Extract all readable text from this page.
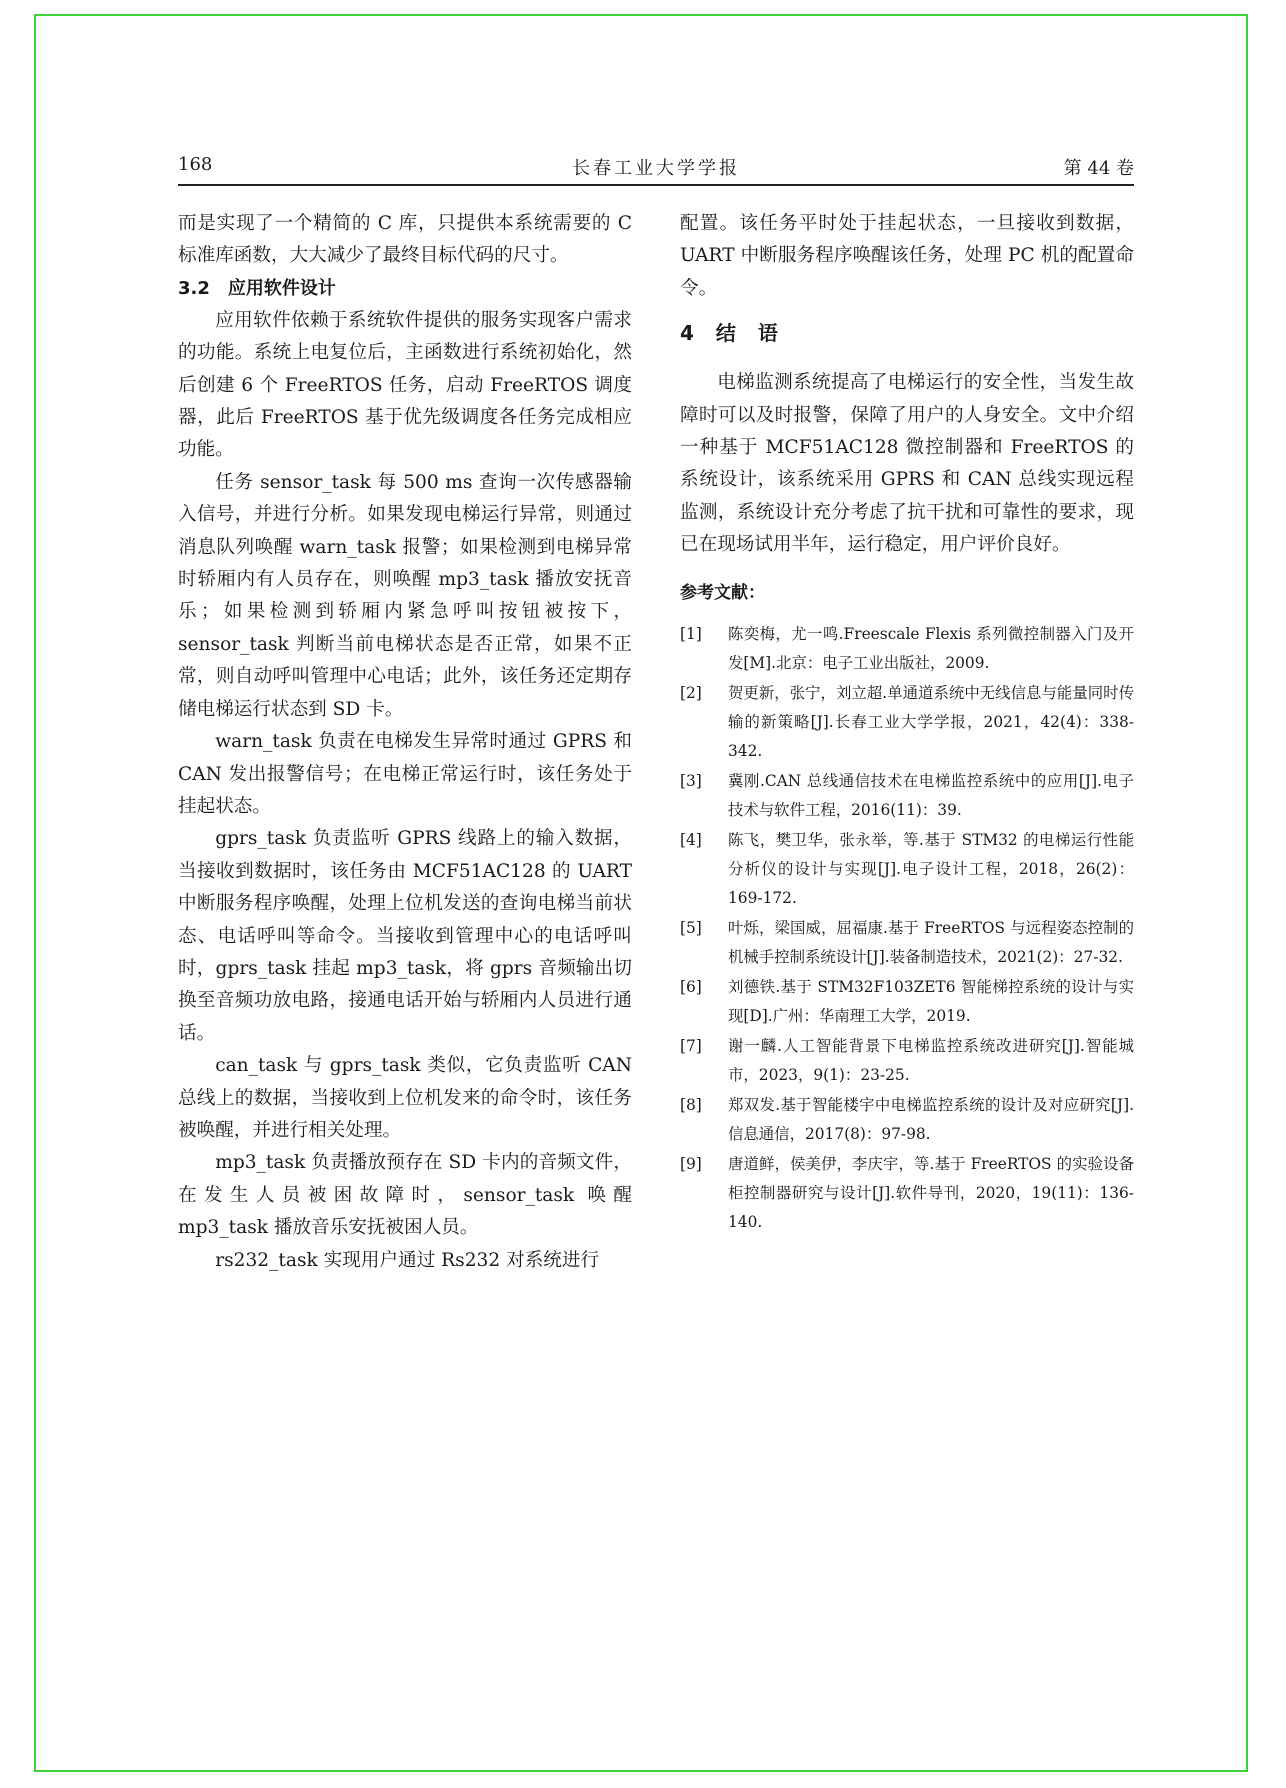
168	长春工业大学学报	第 44 卷

而是实现了一个精简的 C 库，只提供本系统需要的 C 标准库函数，大大减少了最终目标代码的尺寸。

3.2 应用软件设计

应用软件依赖于系统软件提供的服务实现客户需求的功能。系统上电复位后，主函数进行系统初始化，然后创建 6 个 FreeRTOS 任务，启动 FreeRTOS 调度器，此后 FreeRTOS 基于优先级调度各任务完成相应功能。

任务 sensor_task 每 500 ms 查询一次传感器输入信号，并进行分析。如果发现电梯运行异常，则通过消息队列唤醒 warn_task 报警；如果检测到电梯异常时轿厢内有人员存在，则唤醒 mp3_task 播放安抚音乐；如果检测到轿厢内紧急呼叫按钮被按下，sensor_task 判断当前电梯状态是否正常，如果不正常，则自动呼叫管理中心电话；此外，该任务还定期存储电梯运行状态到 SD 卡。

warn_task 负责在电梯发生异常时通过 GPRS 和 CAN 发出报警信号；在电梯正常运行时，该任务处于挂起状态。

gprs_task 负责监听 GPRS 线路上的输入数据，当接收到数据时，该任务由 MCF51AC128 的 UART 中断服务程序唤醒，处理上位机发送的查询电梯当前状态、电话呼叫等命令。当接收到管理中心的电话呼叫时，gprs_task 挂起 mp3_task，将 gprs 音频输出切换至音频功放电路，接通电话开始与轿厢内人员进行通话。

can_task 与 gprs_task 类似，它负责监听 CAN 总线上的数据，当接收到上位机发来的命令时，该任务被唤醒，并进行相关处理。

mp3_task 负责播放预存在 SD 卡内的音频文件，在发生人员被困故障时，sensor_task 唤醒 mp3_task 播放音乐安抚被困人员。

rs232_task 实现用户通过 Rs232 对系统进行

配置。该任务平时处于挂起状态，一旦接收到数据，UART 中断服务程序唤醒该任务，处理 PC 机的配置命令。

4 结语

电梯监测系统提高了电梯运行的安全性，当发生故障时可以及时报警，保障了用户的人身安全。文中介绍一种基于 MCF51AC128 微控制器和 FreeRTOS 的系统设计，该系统采用 GPRS 和 CAN 总线实现远程监测，系统设计充分考虑了抗干扰和可靠性的要求，现已在现场试用半年，运行稳定，用户评价良好。

参考文献：
[1] 陈奕梅，尤一鸣.Freescale Flexis 系列微控制器入门及开发[M].北京：电子工业出版社，2009.
[2] 贺更新，张宁，刘立超.单通道系统中无线信息与能量同时传输的新策略[J].长春工业大学学报，2021，42(4)：338-342.
[3] 冀刚.CAN 总线通信技术在电梯监控系统中的应用[J].电子技术与软件工程，2016(11)：39.
[4] 陈飞，樊卫华，张永举，等.基于 STM32 的电梯运行性能分析仪的设计与实现[J].电子设计工程，2018，26(2)：169-172.
[5] 叶烁，梁国威，屈福康.基于 FreeRTOS 与远程姿态控制的机械手控制系统设计[J].装备制造技术，2021(2)：27-32.
[6] 刘德铁.基于 STM32F103ZET6 智能梯控系统的设计与实现[D].广州：华南理工大学，2019.
[7] 谢一麟.人工智能背景下电梯监控系统改进研究[J].智能城市，2023，9(1)：23-25.
[8] 郑双发.基于智能楼宇中电梯监控系统的设计及对应研究[J].信息通信，2017(8)：97-98.
[9] 唐道鲜，侯美伊，李庆宇，等.基于 FreeRTOS 的实验设备柜控制器研究与设计[J].软件导刊，2020，19(11)：136-140.
